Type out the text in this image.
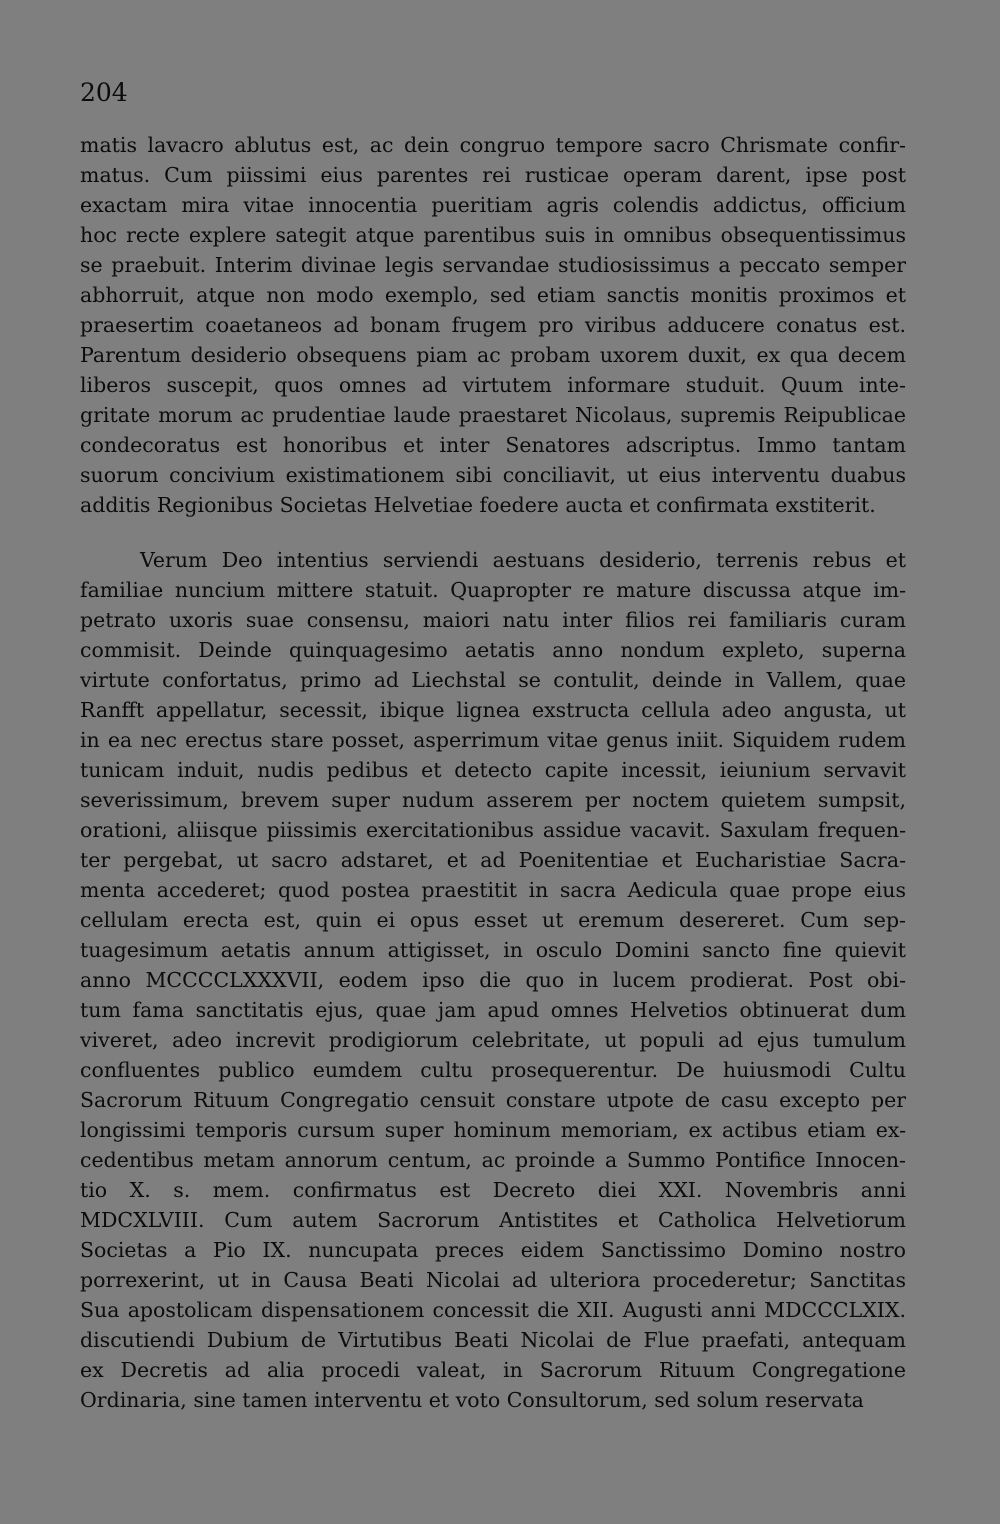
204

matis lavacro ablutus est, ac dein congruo tempore sacro Chrismate confir-
matus. Cum piissimi eius parentes rei rusticae operam darent, ipse post
exactam mira vitae innocentia pueritiam agris colendis addictus, officium
hoc recte explere sategit atque parentibus suis in omnibus obsequentissimus
se praebuit. Interim divinae legis servandae studiosissimus a peccato semper
abhorruit, atque non modo exemplo, sed etiam sanctis monitis proximos et
praesertim coaetaneos ad bonam frugem pro viribus adducere conatus est.
Parentum desiderio obsequens piam ac probam uxorem duxit, ex qua decem
liberos suscepit, quos omnes ad virtutem informare studuit. Quum inte-
gritate morum ac prudentiae laude praestaret Nicolaus, supremis Reipublicae
condecoratus est honoribus et inter Senatores adscriptus. Immo tantam
suorum concivium existimationem sibi conciliavit, ut eius interventu duabus
additis Regionibus Societas Helvetiae foedere aucta et confirmata exstiterit.
Verum Deo intentius serviendi aestuans desiderio, terrenis rebus et
familiae nuncium mittere statuit. Quapropter re mature discussa atque im-
petrato uxoris suae consensu, maiori natu inter filios rei familiaris curam
commisit. Deinde quinquagesimo aetatis anno nondum expleto, superna
virtute confortatus, primo ad Liechstal se contulit, deinde in Vallem, quae
Ranfft appellatur, secessit, ibique lignea exstructa cellula adeo angusta, ut
in ea nec erectus stare posset, asperrimum vitae genus iniit. Siquidem rudem
tunicam induit, nudis pedibus et detecto capite incessit, ieiunium servavit
severissimum, brevem super nudum asserem per noctem quietem sumpsit,
orationi, aliisque piissimis exercitationibus assidue vacavit. Saxulam frequen-
ter pergebat, ut sacro adstaret, et ad Poenitentiae et Eucharistiae Sacra-
menta accederet; quod postea praestitit in sacra Aedicula quae prope eius
cellulam erecta est, quin ei opus esset ut eremum desereret. Cum sep-
tuagesimum aetatis annum attigisset, in osculo Domini sancto fine quievit
anno MCCCCLXXXVII, eodem ipso die quo in lucem prodierat. Post obi-
tum fama sanctitatis ejus, quae jam apud omnes Helvetios obtinuerat dum
viveret, adeo increvit prodigiorum celebritate, ut populi ad ejus tumulum
confluentes publico eumdem cultu prosequerentur. De huiusmodi Cultu
Sacrorum Rituum Congregatio censuit constare utpote de casu excepto per
longissimi temporis cursum super hominum memoriam, ex actibus etiam ex-
cedentibus metam annorum centum, ac proinde a Summo Pontifice Innocen-
tio X. s. mem. confirmatus est Decreto diei XXI. Novembris anni
MDCXLVIII. Cum autem Sacrorum Antistites et Catholica Helvetiorum
Societas a Pio IX. nuncupata preces eidem Sanctissimo Domino nostro
porrexerint, ut in Causa Beati Nicolai ad ulteriora procederetur; Sanctitas
Sua apostolicam dispensationem concessit die XII. Augusti anni MDCCCLXIX.
discutiendi Dubium de Virtutibus Beati Nicolai de Flue praefati, antequam
ex Decretis ad alia procedi valeat, in Sacrorum Rituum Congregatione
Ordinaria, sine tamen interventu et voto Consultorum, sed solum reservata
